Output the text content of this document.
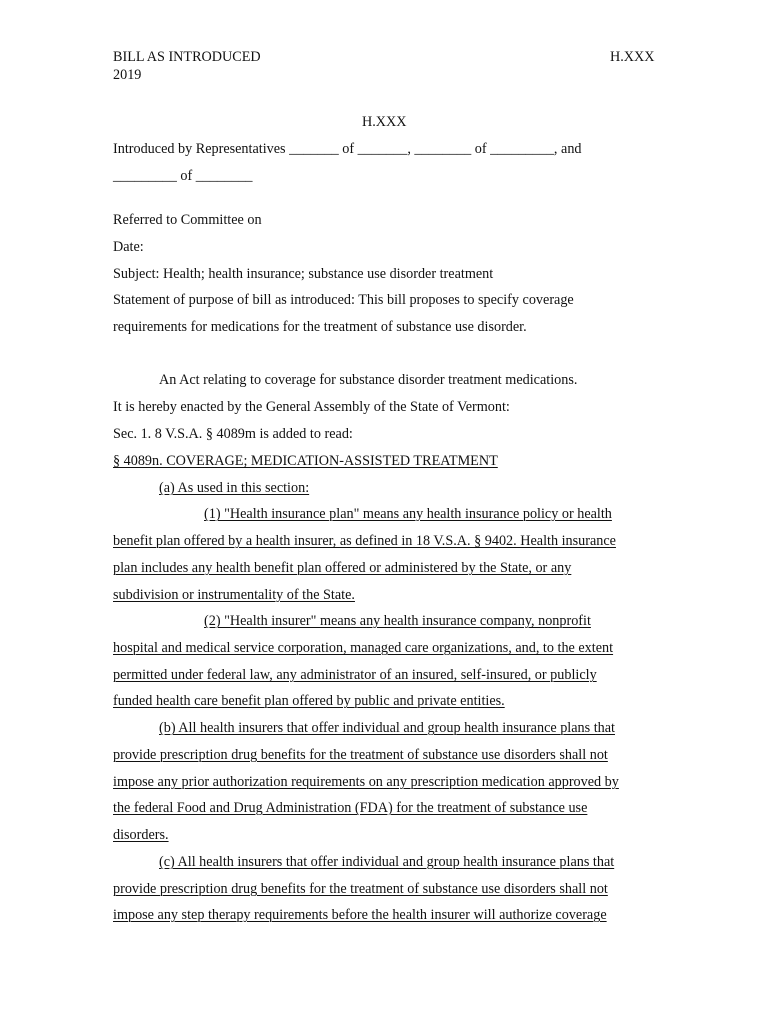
BILL AS INTRODUCED	H.XXX

2019

H.XXX

Introduced by Representatives _______ of _______, ________ of _________, and

_________ of ________

Referred to Committee on

Date:

Subject: Health; health insurance; substance use disorder treatment

Statement of purpose of bill as introduced: This bill proposes to specify coverage

requirements for medications for the treatment of substance use disorder.

An Act relating to coverage for substance disorder treatment medications.

It is hereby enacted by the General Assembly of the State of Vermont:

Sec. 1. 8 V.S.A. § 4089m is added to read:

§ 4089n. COVERAGE; MEDICATION-ASSISTED TREATMENT

(a) As used in this section:

(1) "Health insurance plan" means any health insurance policy or health

benefit plan offered by a health insurer, as defined in 18 V.S.A. § 9402. Health insurance

plan includes any health benefit plan offered or administered by the State, or any

subdivision or instrumentality of the State.

(2) "Health insurer" means any health insurance company, nonprofit

hospital and medical service corporation, managed care organizations, and, to the extent

permitted under federal law, any administrator of an insured, self-insured, or publicly

funded health care benefit plan offered by public and private entities.

(b) All health insurers that offer individual and group health insurance plans that

provide prescription drug benefits for the treatment of substance use disorders shall not

impose any prior authorization requirements on any prescription medication approved by

the federal Food and Drug Administration (FDA) for the treatment of substance use

disorders.

(c) All health insurers that offer individual and group health insurance plans that

provide prescription drug benefits for the treatment of substance use disorders shall not

impose any step therapy requirements before the health insurer will authorize coverage
